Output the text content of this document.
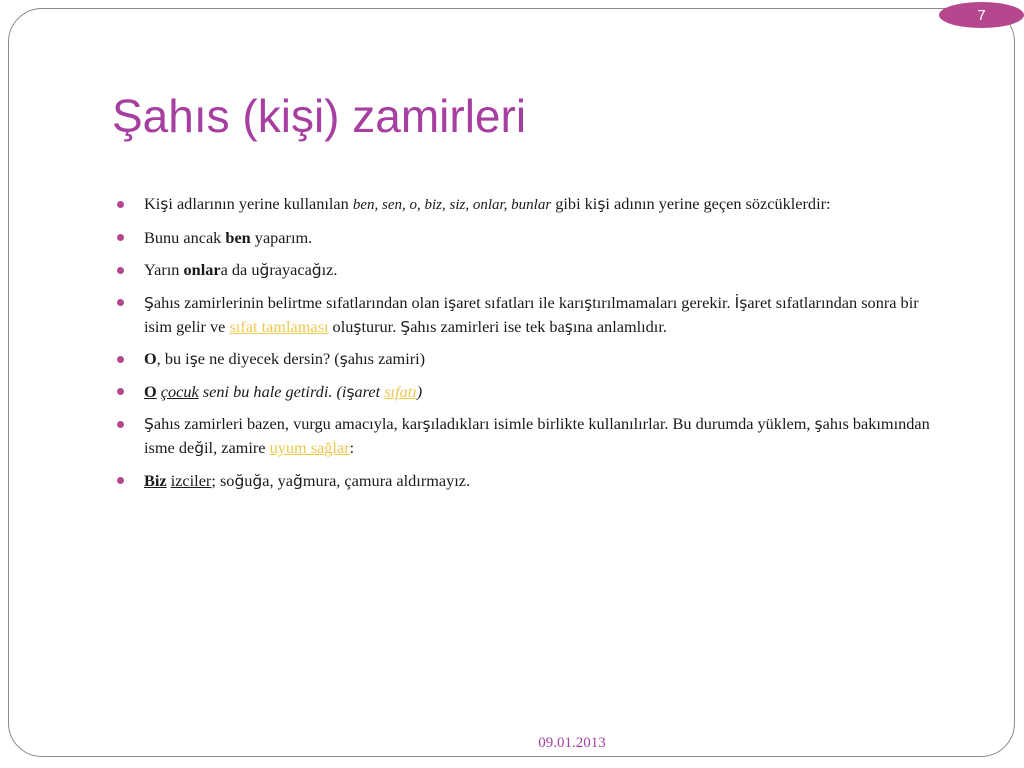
7
Şahıs (kişi) zamirleri
Kişi adlarının yerine kullanılan ben, sen, o, biz, siz, onlar, bunlar gibi kişi adının yerine geçen sözcüklerdir:
Bunu ancak ben yaparım.
Yarın onlara da uğrayacağız.
Şahıs zamirlerinin belirtme sıfatlarından olan işaret sıfatları ile karıştırılmamaları gerekir. İşaret sıfatlarından sonra bir isim gelir ve sıfat tamlaması oluşturur. Şahıs zamirleri ise tek başına anlamlıdır.
O, bu işe ne diyecek dersin? (şahıs zamiri)
O çocuk seni bu hale getirdi. (işaret sıfatı)
Şahıs zamirleri bazen, vurgu amacıyla, karşıladıkları isimle birlikte kullanılırlar. Bu durumda yüklem, şahıs bakımından isme değil, zamire uyum sağlar:
Biz izciler; soğuğa, yağmura, çamura aldırmayız.
09.01.2013
